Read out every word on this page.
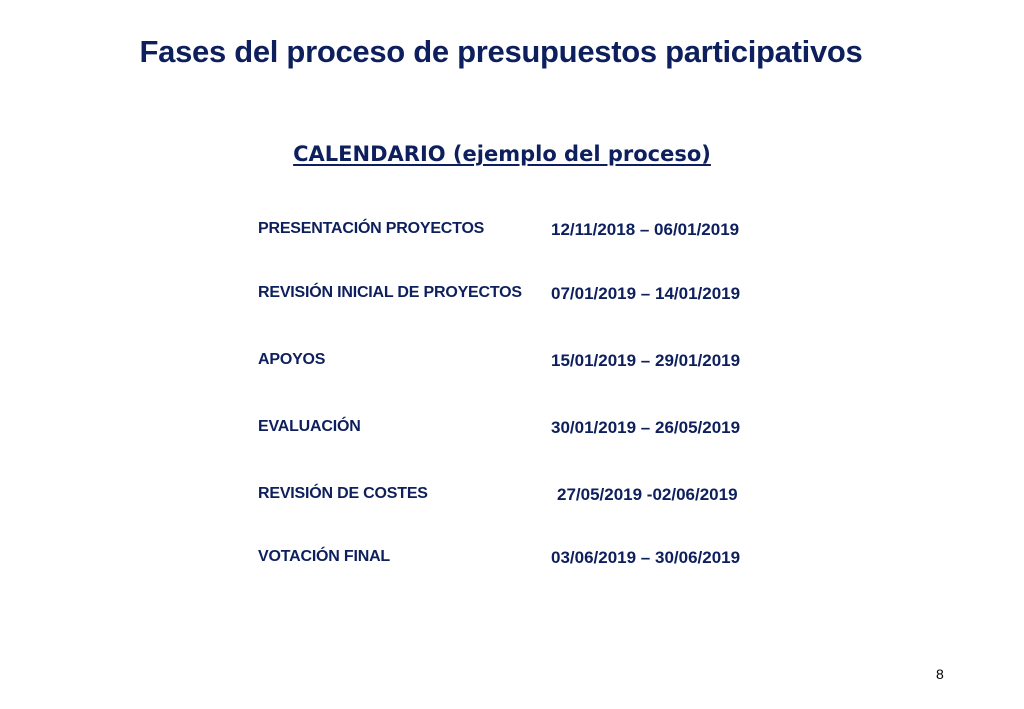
Fases del proceso de presupuestos participativos
CALENDARIO (ejemplo del proceso)
PRESENTACIÓN PROYECTOS	12/11/2018 – 06/01/2019
REVISIÓN INICIAL DE PROYECTOS 07/01/2019 – 14/01/2019
APOYOS	15/01/2019 – 29/01/2019
EVALUACIÓN	30/01/2019 – 26/05/2019
REVISIÓN DE COSTES	27/05/2019 -02/06/2019
VOTACIÓN FINAL	03/06/2019 – 30/06/2019
8
